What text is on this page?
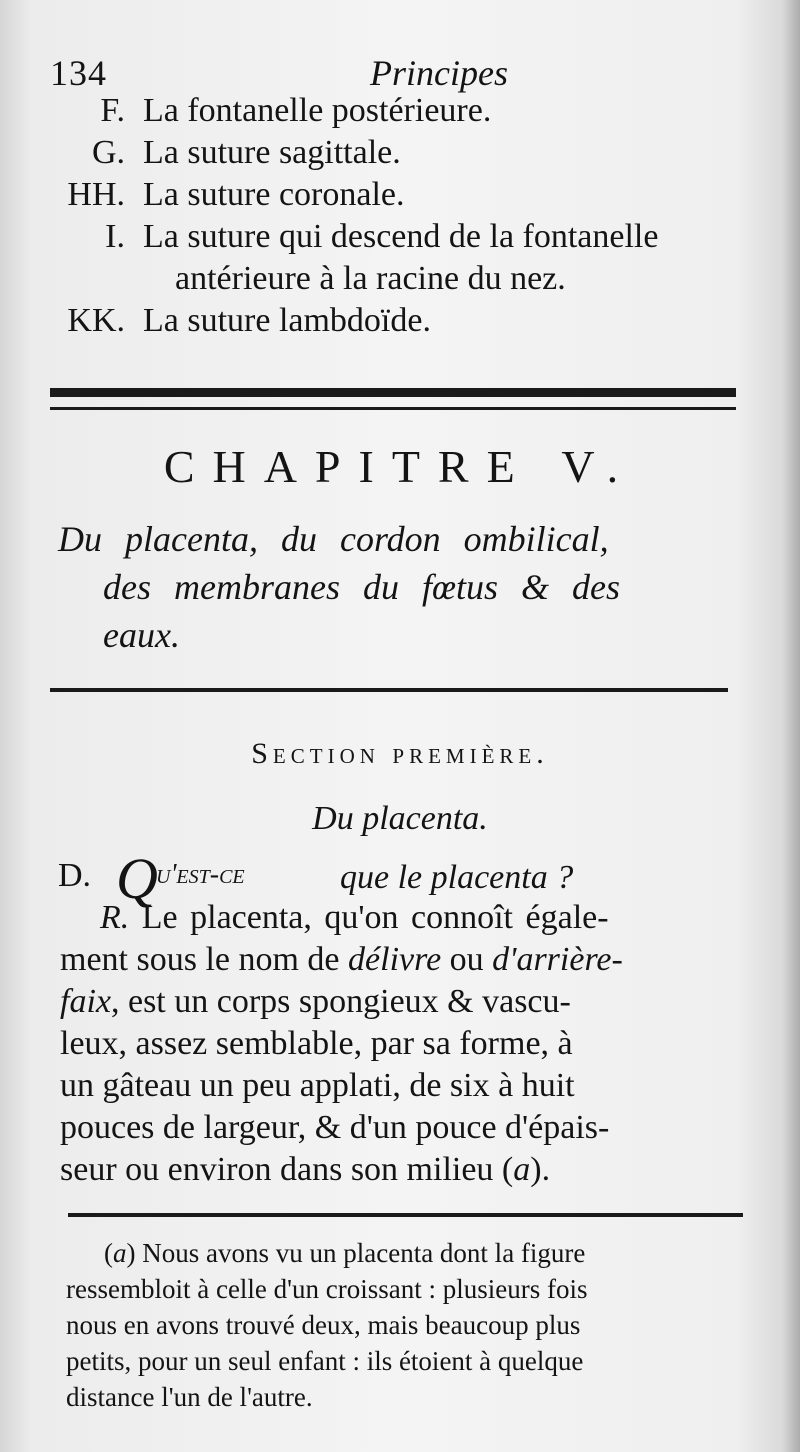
134	Principes
F. La fontanelle postérieure.
G. La suture sagittale.
HH. La suture coronale.
I. La suture qui descend de la fontanelle
antérieure à la racine du nez.
KK. La suture lambdoïde.
CHAPITRE V.
Du placenta, du cordon ombilical,
des membranes du fœtus & des
eaux.
Section première.
Du placenta.
D. Q
u'est-ce	que le placenta ?
R. Le placenta, qu'on connoît égale-
ment sous le nom de délivre ou d'arrière-
faix, est un corps spongieux & vascu-
leux, assez semblable, par sa forme, à
un gâteau un peu applati, de six à huit
pouces de largeur, & d'un pouce d'épais-
seur ou environ dans son milieu (a).
(a) Nous avons vu un placenta dont la figure
ressembloit à celle d'un croissant : plusieurs fois
nous en avons trouvé deux, mais beaucoup plus
petits, pour un seul enfant : ils étoient à quelque
distance l'un de l'autre.
